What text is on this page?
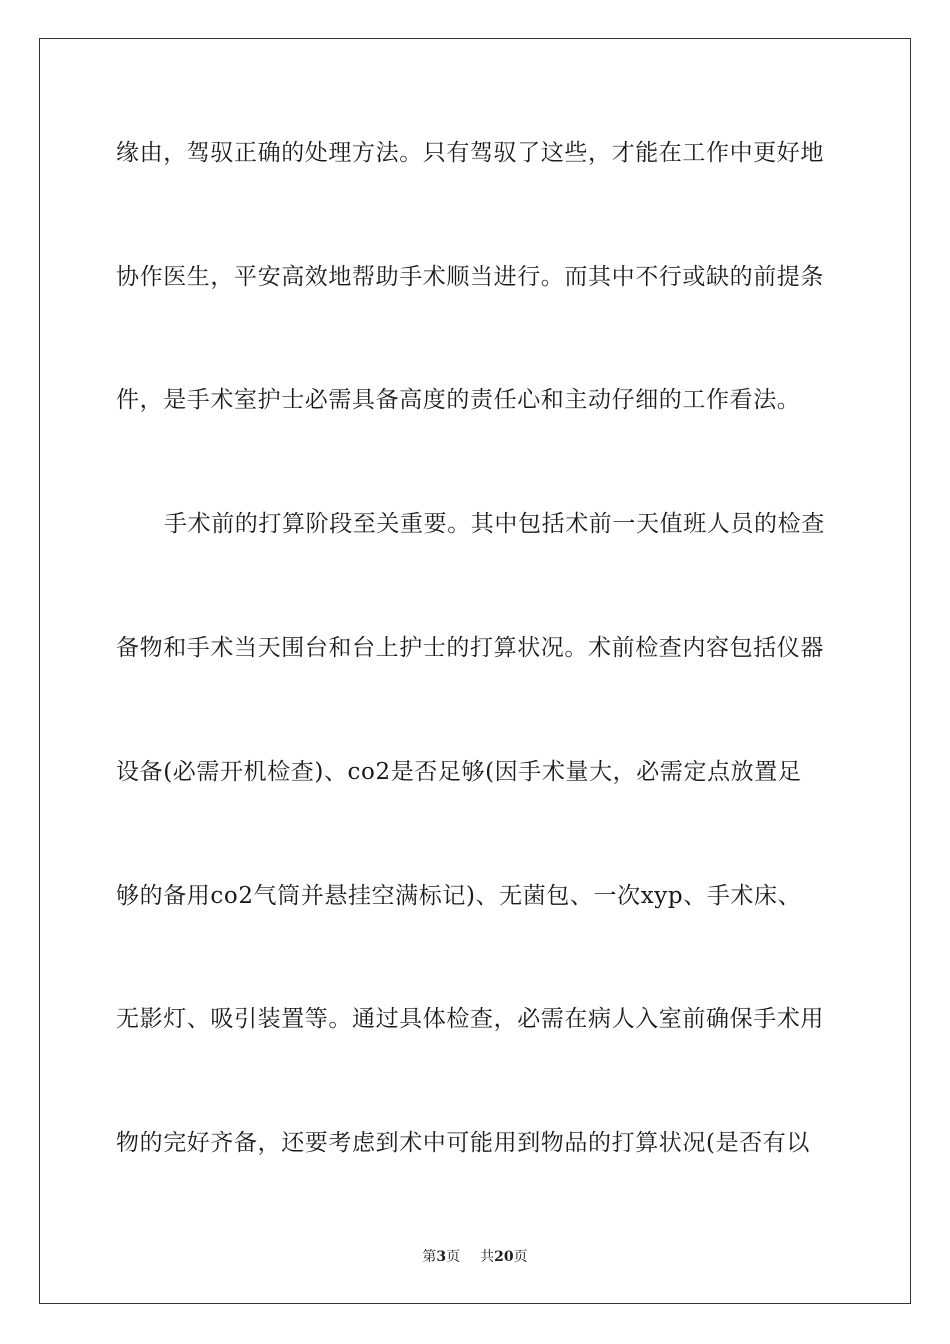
缘由，驾驭正确的处理方法。只有驾驭了这些，才能在工作中更好地
协作医生，平安高效地帮助手术顺当进行。而其中不行或缺的前提条
件，是手术室护士必需具备高度的责任心和主动仔细的工作看法。
手术前的打算阶段至关重要。其中包括术前一天值班人员的检查
备物和手术当天围台和台上护士的打算状况。术前检查内容包括仪器
设备(必需开机检查)、co2是否足够(因手术量大，必需定点放置足
够的备用co2气筒并悬挂空满标记)、无菌包、一次xyp、手术床、
无影灯、吸引装置等。通过具体检查，必需在病人入室前确保手术用
物的完好齐备，还要考虑到术中可能用到物品的打算状况(是否有以
第3页 共20页
